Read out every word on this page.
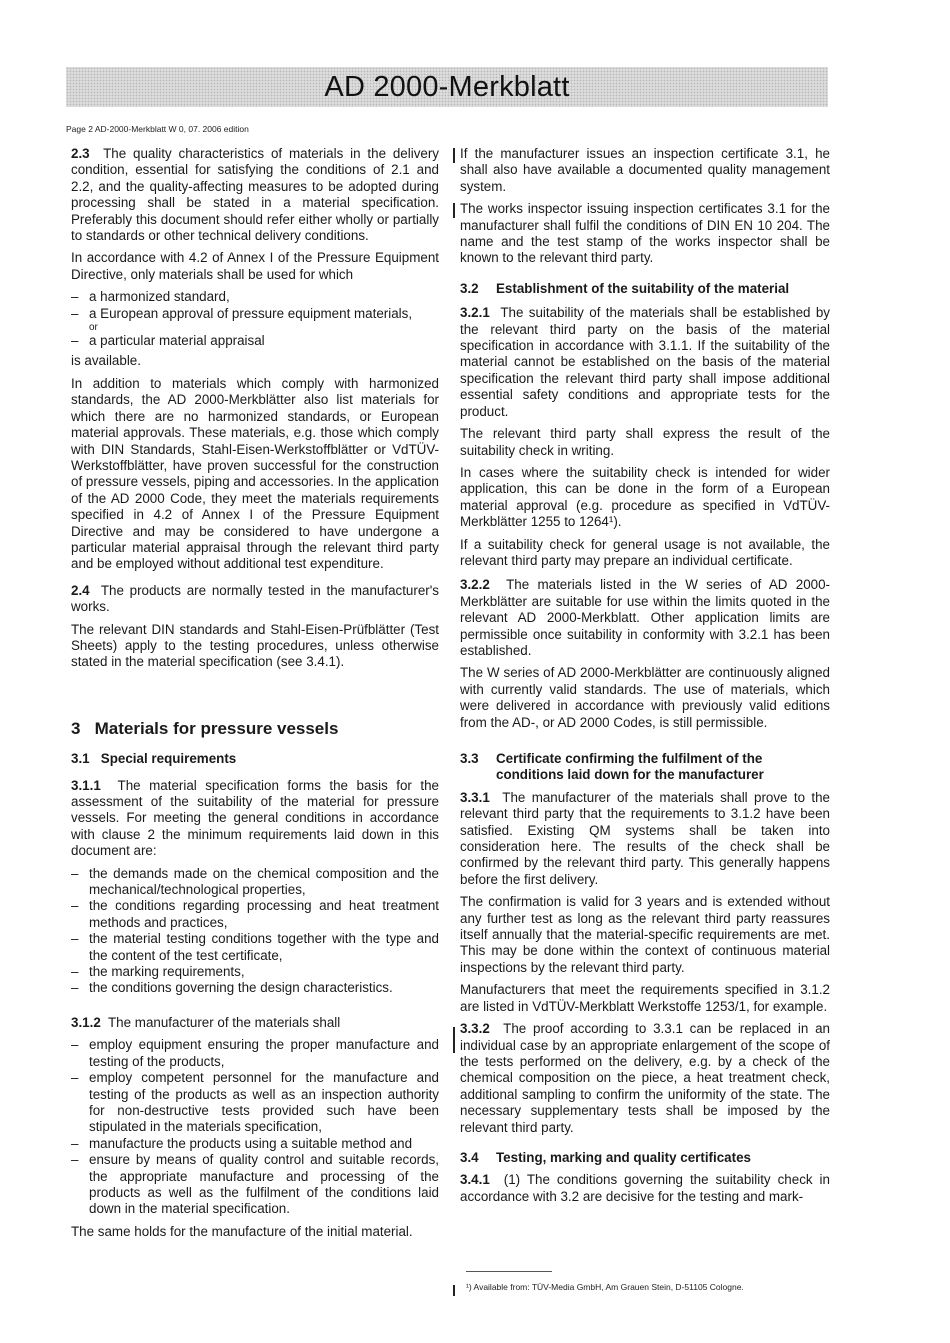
AD 2000-Merkblatt
Page 2 AD-2000-Merkblatt W 0, 07. 2006 edition

2.3 The quality characteristics of materials in the delivery condition, essential for satisfying the conditions of 2.1 and 2.2, and the quality-affecting measures to be adopted during processing shall be stated in a material specification. Preferably this document should refer either wholly or partially to standards or other technical delivery conditions.

In accordance with 4.2 of Annex I of the Pressure Equipment Directive, only materials shall be used for which

– a harmonized standard,
– a European approval of pressure equipment materials,
or
– a particular material appraisal

is available.

In addition to materials which comply with harmonized standards, the AD 2000-Merkblätter also list materials for which there are no harmonized standards, or European material approvals. These materials, e.g. those which comply with DIN Standards, Stahl-Eisen-Werkstoffblätter or VdTÜV-Werkstoffblätter, have proven successful for the construction of pressure vessels, piping and accessories. In the application of the AD 2000 Code, they meet the materials requirements specified in 4.2 of Annex I of the Pressure Equipment Directive and may be considered to have undergone a particular material appraisal through the relevant third party and be employed without additional test expenditure.

2.4 The products are normally tested in the manufacturer's works.

The relevant DIN standards and Stahl-Eisen-Prüfblätter (Test Sheets) apply to the testing procedures, unless otherwise stated in the material specification (see 3.4.1).

3 Materials for pressure vessels
3.1 Special requirements

3.1.1 The material specification forms the basis for the assessment of the suitability of the material for pressure vessels. For meeting the general conditions in accordance with clause 2 the minimum requirements laid down in this document are:

– the demands made on the chemical composition and the mechanical/technological properties,
– the conditions regarding processing and heat treatment methods and practices,
– the material testing conditions together with the type and the content of the test certificate,
– the marking requirements,
– the conditions governing the design characteristics.

3.1.2 The manufacturer of the materials shall

– employ equipment ensuring the proper manufacture and testing of the products,
– employ competent personnel for the manufacture and testing of the products as well as an inspection authority for non-destructive tests provided such have been stipulated in the materials specification,
– manufacture the products using a suitable method and
– ensure by means of quality control and suitable records, the appropriate manufacture and processing of the products as well as the fulfilment of the conditions laid down in the material specification.

The same holds for the manufacture of the initial material.

If the manufacturer issues an inspection certificate 3.1, he shall also have available a documented quality management system.

The works inspector issuing inspection certificates 3.1 for the manufacturer shall fulfil the conditions of DIN EN 10 204. The name and the test stamp of the works inspector shall be known to the relevant third party.

3.2	Establishment of the suitability of the material

3.2.1 The suitability of the materials shall be established by the relevant third party on the basis of the material specification in accordance with 3.1.1. If the suitability of the material cannot be established on the basis of the material specification the relevant third party shall impose additional essential safety conditions and appropriate tests for the product.

The relevant third party shall express the result of the suitability check in writing.

In cases where the suitability check is intended for wider application, this can be done in the form of a European material approval (e.g. procedure as specified in VdTÜV-Merkblätter 1255 to 1264¹).

If a suitability check for general usage is not available, the relevant third party may prepare an individual certificate.

3.2.2 The materials listed in the W series of AD 2000-Merkblätter are suitable for use within the limits quoted in the relevant AD 2000-Merkblatt. Other application limits are permissible once suitability in conformity with 3.2.1 has been established.

The W series of AD 2000-Merkblätter are continuously aligned with currently valid standards. The use of materials, which were delivered in accordance with previously valid editions from the AD-, or AD 2000 Codes, is still permissible.

3.3	Certificate confirming the fulfilment of the conditions laid down for the manufacturer

3.3.1 The manufacturer of the materials shall prove to the relevant third party that the requirements to 3.1.2 have been satisfied. Existing QM systems shall be taken into consideration here. The results of the check shall be confirmed by the relevant third party. This generally happens before the first delivery.

The confirmation is valid for 3 years and is extended without any further test as long as the relevant third party reassures itself annually that the material-specific requirements are met. This may be done within the context of continuous material inspections by the relevant third party.

Manufacturers that meet the requirements specified in 3.1.2 are listed in VdTÜV-Merkblatt Werkstoffe 1253/1, for example.

3.3.2 The proof according to 3.3.1 can be replaced in an individual case by an appropriate enlargement of the scope of the tests performed on the delivery, e.g. by a check of the chemical composition on the piece, a heat treatment check, additional sampling to confirm the uniformity of the state. The necessary supplementary tests shall be imposed by the relevant third party.

3.4	Testing, marking and quality certificates

3.4.1 (1) The conditions governing the suitability check in accordance with 3.2 are decisive for the testing and mark-

¹) Available from: TÜV-Media GmbH, Am Grauen Stein, D-51105 Cologne.
